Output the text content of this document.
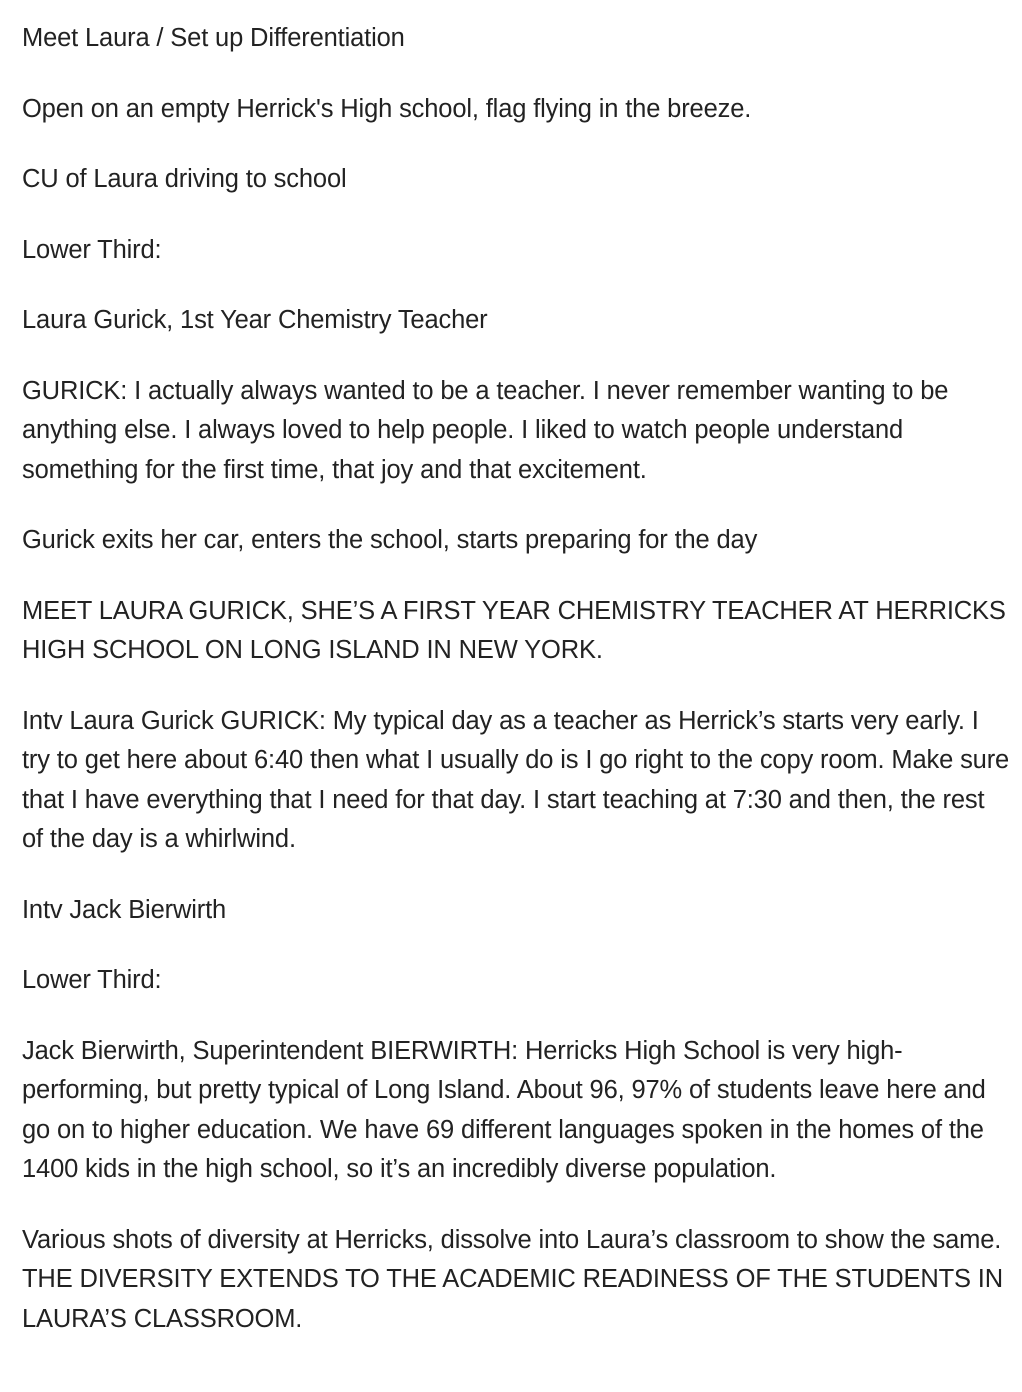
Meet Laura / Set up Differentiation

Open on an empty Herrick's High school, flag flying in the breeze.

CU of Laura driving to school

Lower Third:

Laura Gurick, 1st Year Chemistry Teacher

GURICK: I actually always wanted to be a teacher. I never remember wanting to be anything else. I always loved to help people. I liked to watch people understand something for the first time, that joy and that excitement.

Gurick exits her car, enters the school, starts preparing for the day

MEET LAURA GURICK, SHE’S A FIRST YEAR CHEMISTRY TEACHER AT HERRICKS HIGH SCHOOL ON LONG ISLAND IN NEW YORK.

Intv Laura Gurick GURICK: My typical day as a teacher as Herrick’s starts very early. I try to get here about 6:40 then what I usually do is I go right to the copy room. Make sure that I have everything that I need for that day. I start teaching at 7:30 and then, the rest of the day is a whirlwind.

Intv Jack Bierwirth

Lower Third:

Jack Bierwirth, Superintendent BIERWIRTH: Herricks High School is very high-performing, but pretty typical of Long Island. About 96, 97% of students leave here and go on to higher education. We have 69 different languages spoken in the homes of the 1400 kids in the high school, so it’s an incredibly diverse population.

Various shots of diversity at Herricks, dissolve into Laura’s classroom to show the same. THE DIVERSITY EXTENDS TO THE ACADEMIC READINESS OF THE STUDENTS IN LAURA’S CLASSROOM.
